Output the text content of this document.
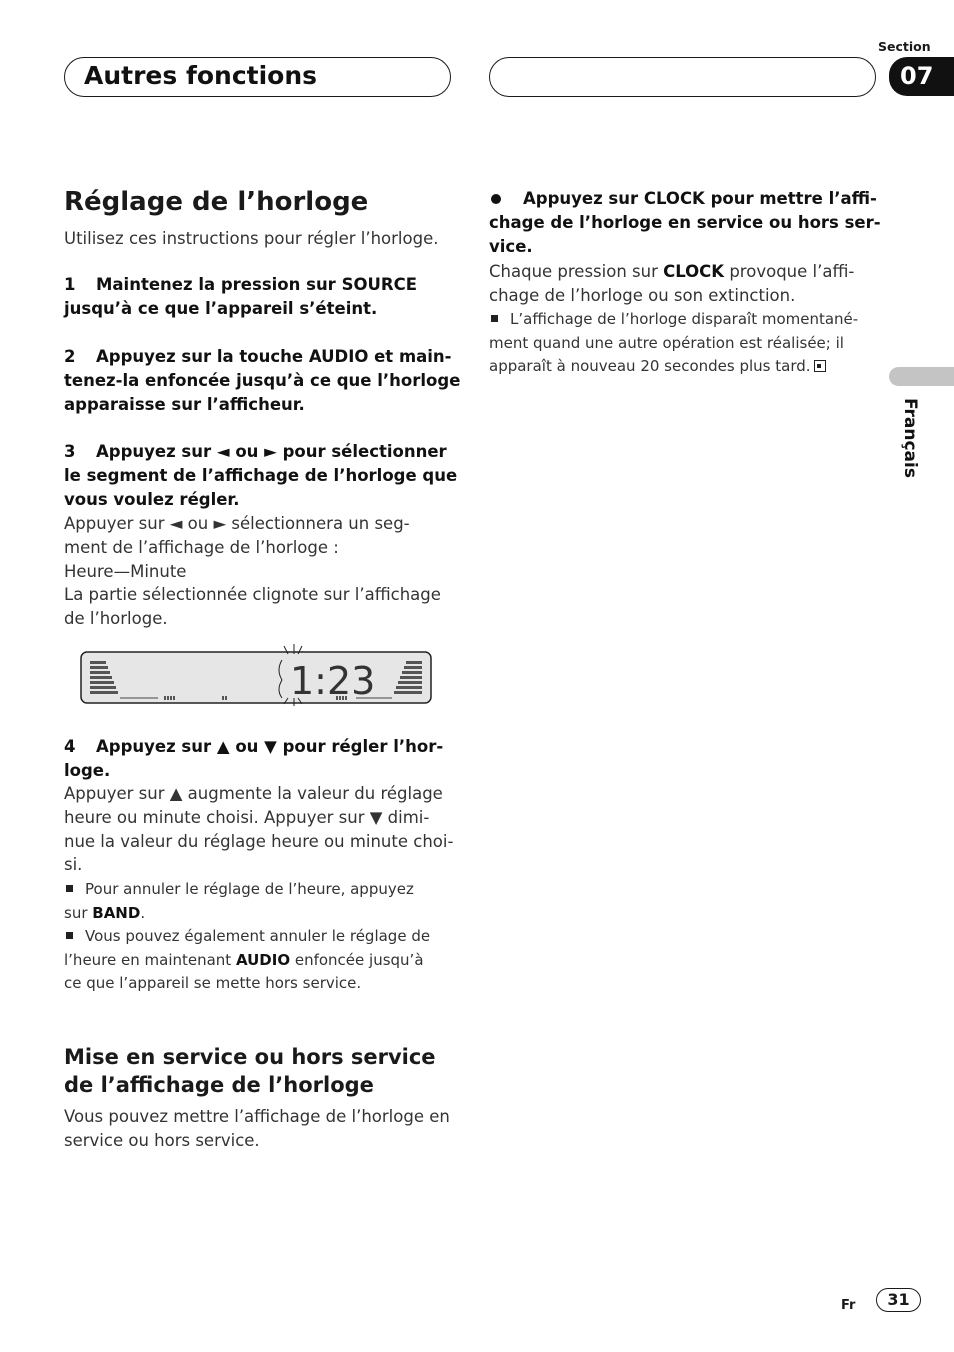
Autres fonctions
Section
07
Réglage de l’horloge
Utilisez ces instructions pour régler l’horloge.
1 Maintenez la pression sur SOURCE
jusqu’à ce que l’appareil s’éteint.
2 Appuyez sur la touche AUDIO et main-
tenez-la enfoncée jusqu’à ce que l’horloge
apparaisse sur l’afficheur.
3 Appuyez sur ◄ ou ► pour sélectionner
le segment de l’affichage de l’horloge que
vous voulez régler.
Appuyer sur ◄ ou ► sélectionnera un seg-
ment de l’affichage de l’horloge :
Heure—Minute
La partie sélectionnée clignote sur l’affichage
de l’horloge.
1:23
4 Appuyez sur ▲ ou ▼ pour régler l’hor-
loge.
Appuyer sur ▲ augmente la valeur du réglage
heure ou minute choisi. Appuyer sur ▼ dimi-
nue la valeur du réglage heure ou minute choi-
si.
Pour annuler le réglage de l’heure, appuyez
sur BAND.
Vous pouvez également annuler le réglage de
l’heure en maintenant AUDIO enfoncée jusqu’à
ce que l’appareil se mette hors service.
Mise en service ou hors service
de l’affichage de l’horloge
Vous pouvez mettre l’affichage de l’horloge en
service ou hors service.
Appuyez sur CLOCK pour mettre l’affi-
chage de l’horloge en service ou hors ser-
vice.
Chaque pression sur CLOCK provoque l’affi-
chage de l’horloge ou son extinction.
L’affichage de l’horloge disparaît momentané-
ment quand une autre opération est réalisée; il
apparaît à nouveau 20 secondes plus tard.
Français
Fr	31
